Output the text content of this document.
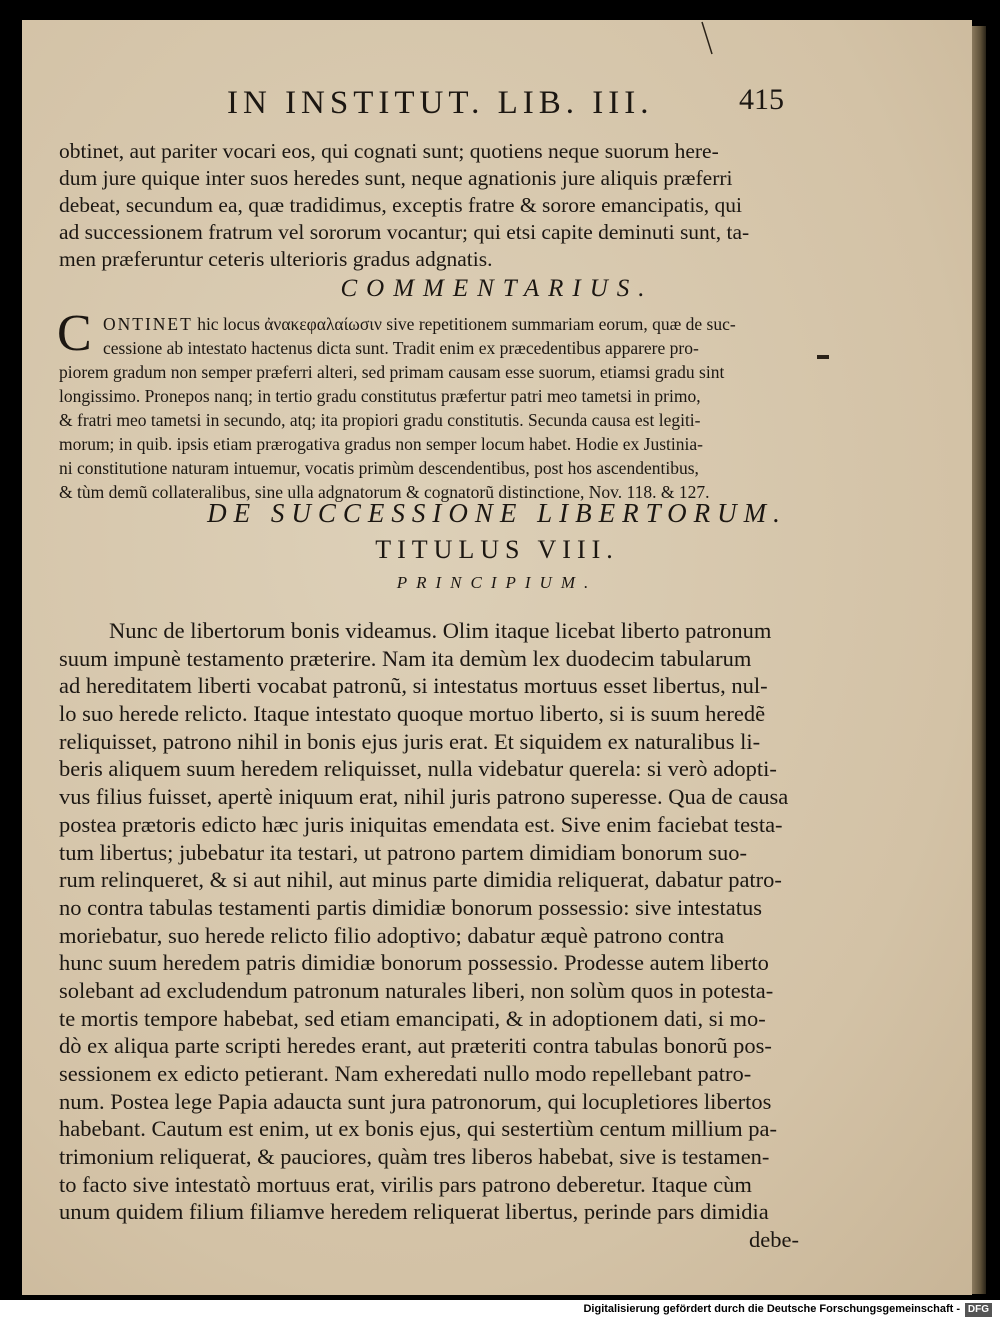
IN INSTITUT. LIB. III.	415
obtinet, aut pariter vocari eos, qui cognati sunt; quotiens neque suorum here-
dum jure quique inter suos heredes sunt, neque agnationis jure aliquis præferri
debeat, secundum ea, quæ tradidimus, exceptis fratre & sorore emancipatis, qui
ad successionem fratrum vel sororum vocantur; qui etsi capite deminuti sunt, ta-
men præferuntur ceteris ulterioris gradus adgnatis.
COMMENTARIUS.
C ONTINET hic locus ἀνακεφαλαίωσιν sive repetitionem summariam eorum, quæ de suc-
cessione ab intestato hactenus dicta sunt. Tradit enim ex præcedentibus apparere pro-
piorem gradum non semper præferri alteri, sed primam causam esse suorum, etiamsi gradu sint
longissimo. Pronepos nanq; in tertio gradu constitutus præfertur patri meo tametsi in primo,
& fratri meo tametsi in secundo, atq; ita propiori gradu constitutis. Secunda causa est legiti-
morum; in quib. ipsis etiam prærogativa gradus non semper locum habet. Hodie ex Justinia-
ni constitutione naturam intuemur, vocatis primùm descendentibus, post hos ascendentibus,
& tùm demũ collateralibus, sine ulla adgnatorum & cognatorũ distinctione, Nov. 118. & 127.
DE SUCCESSIONE LIBERTORUM.
TITULUS VIII.
PRINCIPIUM.
Nunc de libertorum bonis videamus. Olim itaque licebat liberto patronum
suum impunè testamento præterire. Nam ita demùm lex duodecim tabularum
ad hereditatem liberti vocabat patronũ, si intestatus mortuus esset libertus, nul-
lo suo herede relicto. Itaque intestato quoque mortuo liberto, si is suum heredẽ
reliquisset, patrono nihil in bonis ejus juris erat. Et siquidem ex naturalibus li-
beris aliquem suum heredem reliquisset, nulla videbatur querela: si verò adopti-
vus filius fuisset, apertè iniquum erat, nihil juris patrono superesse. Qua de causa
postea prætoris edicto hæc juris iniquitas emendata est. Sive enim faciebat testa-
tum libertus; jubebatur ita testari, ut patrono partem dimidiam bonorum suo-
rum relinqueret, & si aut nihil, aut minus parte dimidia reliquerat, dabatur patro-
no contra tabulas testamenti partis dimidiæ bonorum possessio: sive intestatus
moriebatur, suo herede relicto filio adoptivo; dabatur æquè patrono contra
hunc suum heredem patris dimidiæ bonorum possessio. Prodesse autem liberto
solebant ad excludendum patronum naturales liberi, non solùm quos in potesta-
te mortis tempore habebat, sed etiam emancipati, & in adoptionem dati, si mo-
dò ex aliqua parte scripti heredes erant, aut præteriti contra tabulas bonorũ pos-
sessionem ex edicto petierant. Nam exheredati nullo modo repellebant patro-
num. Postea lege Papia adaucta sunt jura patronorum, qui locupletiores libertos
habebant. Cautum est enim, ut ex bonis ejus, qui sestertiùm centum millium pa-
trimonium reliquerat, & pauciores, quàm tres liberos habebat, sive is testamen-
to facto sive intestatò mortuus erat, virilis pars patrono deberetur. Itaque cùm
unum quidem filium filiamve heredem reliquerat libertus, perinde pars dimidia
debe-
Digitalisierung gefördert durch die Deutsche Forschungsgemeinschaft - DFG
